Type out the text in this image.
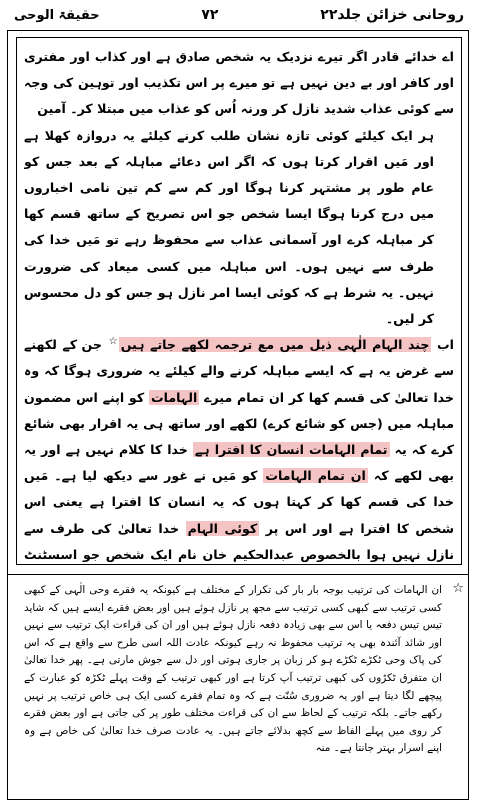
روحانی خزائن جلد۲۲
۷۲
حقیقۃ الوحی

اے خدائے قادر اگر تیرے نزدیک یہ شخص صادق ہے اور کذاب اور مفتری اور کافر اور بے دین نہیں ہے تو میرے پر اس تکذیب اور توہین کی وجہ سے کوئی عذاب شدید نازل کر ورنہ اُس کو عذاب میں مبتلا کر۔ آمین

ہر ایک کیلئے کوئی تازہ نشان طلب کرنے کیلئے یہ دروازہ کھلا ہے اور مَیں اقرار کرتا ہوں کہ اگر اس دعائے مباہلہ کے بعد جس کو عام طور پر مشتہر کرنا ہوگا اور کم سے کم تین نامی اخباروں میں درج کرنا ہوگا ایسا شخص جو اس تصریح کے ساتھ قسم کھا کر مباہلہ کرے اور آسمانی عذاب سے محفوظ رہے تو مَیں خدا کی طرف سے نہیں ہوں۔ اس مباہلہ میں کسی میعاد کی ضرورت نہیں۔ یہ شرط ہے کہ کوئی ایسا امر نازل ہو جس کو دل محسوس کر لیں۔

اب چند الہام الٰہی ذیل میں مع ترجمہ لکھے جاتے ہیں☆ جن کے لکھنے سے غرض یہ ہے کہ ایسے مباہلہ کرنے والے کیلئے یہ ضروری ہوگا کہ وہ خدا تعالیٰ کی قسم کھا کر ان تمام میرے الہامات کو اپنے اس مضمون مباہلہ میں (جس کو شائع کرے) لکھے اور ساتھ ہی یہ اقرار بھی شائع کرے کہ یہ تمام الہامات انسان کا افترا ہے خدا کا کلام نہیں ہے اور یہ بھی لکھے کہ ان تمام الہامات کو مَیں نے غور سے دیکھ لیا ہے۔ مَیں خدا کی قسم کھا کر کہتا ہوں کہ یہ انسان کا افترا ہے یعنی اس شخص کا افترا ہے اور اس پر کوئی الہام خدا تعالیٰ کی طرف سے نازل نہیں ہوا بالخصوص عبدالحکیم خان نام ایک شخص جو اسسٹنٹ

☆

ان الہامات کی ترتیب بوجہ بار بار کی تکرار کے مختلف ہے کیونکہ یہ فقرے وحی الٰہی کے کبھی کسی ترتیب سے کبھی کسی ترتیب سے مجھ پر نازل ہوئے ہیں اور بعض فقرے ایسے ہیں کہ شاید تیس تیس دفعہ یا اس سے بھی زیادہ دفعہ نازل ہوئے ہیں اور ان کی قراءت ایک ترتیب سے نہیں اور شائد آئندہ بھی یہ ترتیب محفوظ نہ رہے کیونکہ عادت اللہ اسی طرح سے واقع ہے کہ اس کی پاک وحی ٹکڑے ٹکڑے ہو کر زبان پر جاری ہوتی اور دل سے جوش مارتی ہے۔ پھر خدا تعالیٰ ان متفرق ٹکڑوں کی کبھی ترتیب آپ کرتا ہے اور کبھی ترتیب کے وقت پہلے ٹکڑہ کو عبارت کے پیچھے لگا دیتا ہے اور یہ ضروری سُنّت ہے کہ وہ تمام فقرے کسی ایک ہی خاص ترتیب پر نہیں رکھے جاتے۔ بلکہ ترتیب کے لحاظ سے ان کی قراءت مختلف طور پر کی جاتی ہے اور بعض فقرے کر روی میں پہلے الفاظ سے کچھ بدلائے جاتے ہیں۔ یہ عادت صرف خدا تعالیٰ کی خاص ہے وہ اپنے اسرار بہتر جانتا ہے۔ منہ
